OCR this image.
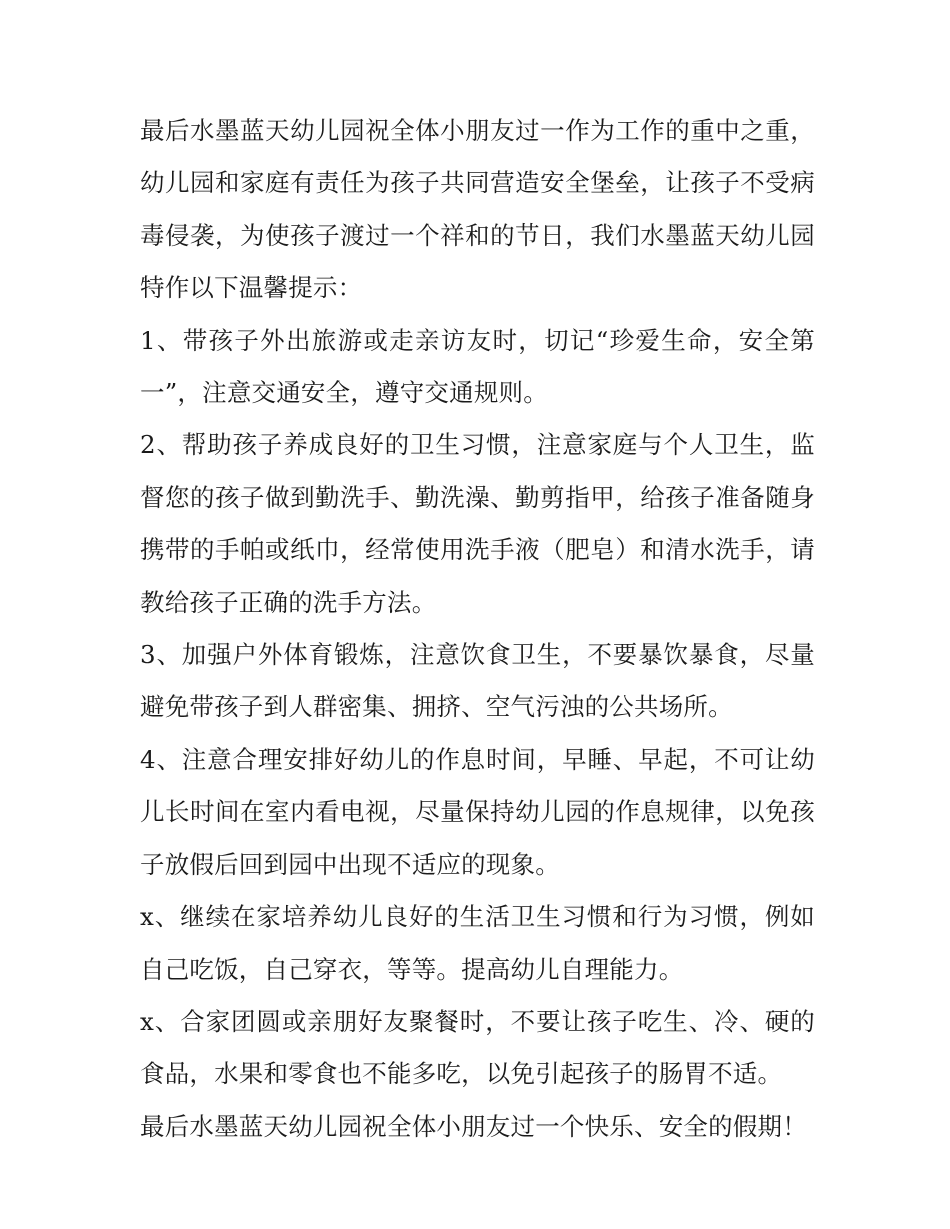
最后水墨蓝天幼儿园祝全体小朋友过一作为工作的重中之重，幼儿园和家庭有责任为孩子共同营造安全堡垒，让孩子不受病毒侵袭，为使孩子渡过一个祥和的节日，我们水墨蓝天幼儿园特作以下温馨提示：

1、带孩子外出旅游或走亲访友时，切记“珍爱生命，安全第一”，注意交通安全，遵守交通规则。

2、帮助孩子养成良好的卫生习惯，注意家庭与个人卫生，监督您的孩子做到勤洗手、勤洗澡、勤剪指甲，给孩子准备随身携带的手帕或纸巾，经常使用洗手液（肥皂）和清水洗手，请教给孩子正确的洗手方法。

3、加强户外体育锻炼，注意饮食卫生，不要暴饮暴食，尽量避免带孩子到人群密集、拥挤、空气污浊的公共场所。

4、注意合理安排好幼儿的作息时间，早睡、早起，不可让幼儿长时间在室内看电视，尽量保持幼儿园的作息规律，以免孩子放假后回到园中出现不适应的现象。

x、继续在家培养幼儿良好的生活卫生习惯和行为习惯，例如自己吃饭，自己穿衣，等等。提高幼儿自理能力。

x、合家团圆或亲朋好友聚餐时，不要让孩子吃生、冷、硬的食品，水果和零食也不能多吃，以免引起孩子的肠胃不适。

最后水墨蓝天幼儿园祝全体小朋友过一个快乐、安全的假期！
